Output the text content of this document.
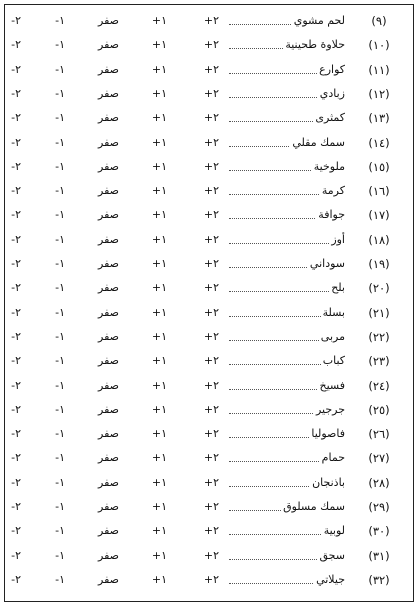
(٩)
لحم مشوي
+٢
+١
صفر
-١
-٢
(١٠)
حلاوة طحينية
+٢
+١
صفر
-١
-٢
(١١)
كوارع
+٢
+١
صفر
-١
-٢
(١٢)
زبادي
+٢
+١
صفر
-١
-٢
(١٣)
كمثرى
+٢
+١
صفر
-١
-٢
(١٤)
سمك مقلي
+٢
+١
صفر
-١
-٢
(١٥)
ملوخية
+٢
+١
صفر
-١
-٢
(١٦)
كرمة
+٢
+١
صفر
-١
-٢
(١٧)
جوافة
+٢
+١
صفر
-١
-٢
(١٨)
أوز
+٢
+١
صفر
-١
-٢
(١٩)
سوداني
+٢
+١
صفر
-١
-٢
(٢٠)
بلح
+٢
+١
صفر
-١
-٢
(٢١)
بسلة
+٢
+١
صفر
-١
-٢
(٢٢)
مربى
+٢
+١
صفر
-١
-٢
(٢٣)
كباب
+٢
+١
صفر
-١
-٢
(٢٤)
فسيخ
+٢
+١
صفر
-١
-٢
(٢٥)
جرجير
+٢
+١
صفر
-١
-٢
(٢٦)
فاصوليا
+٢
+١
صفر
-١
-٢
(٢٧)
حمام
+٢
+١
صفر
-١
-٢
(٢٨)
باذنجان
+٢
+١
صفر
-١
-٢
(٢٩)
سمك مسلوق
+٢
+١
صفر
-١
-٢
(٣٠)
لوبية
+٢
+١
صفر
-١
-٢
(٣١)
سجق
+٢
+١
صفر
-١
-٢
(٣٢)
جيلاتي
+٢
+١
صفر
-١
-٢
